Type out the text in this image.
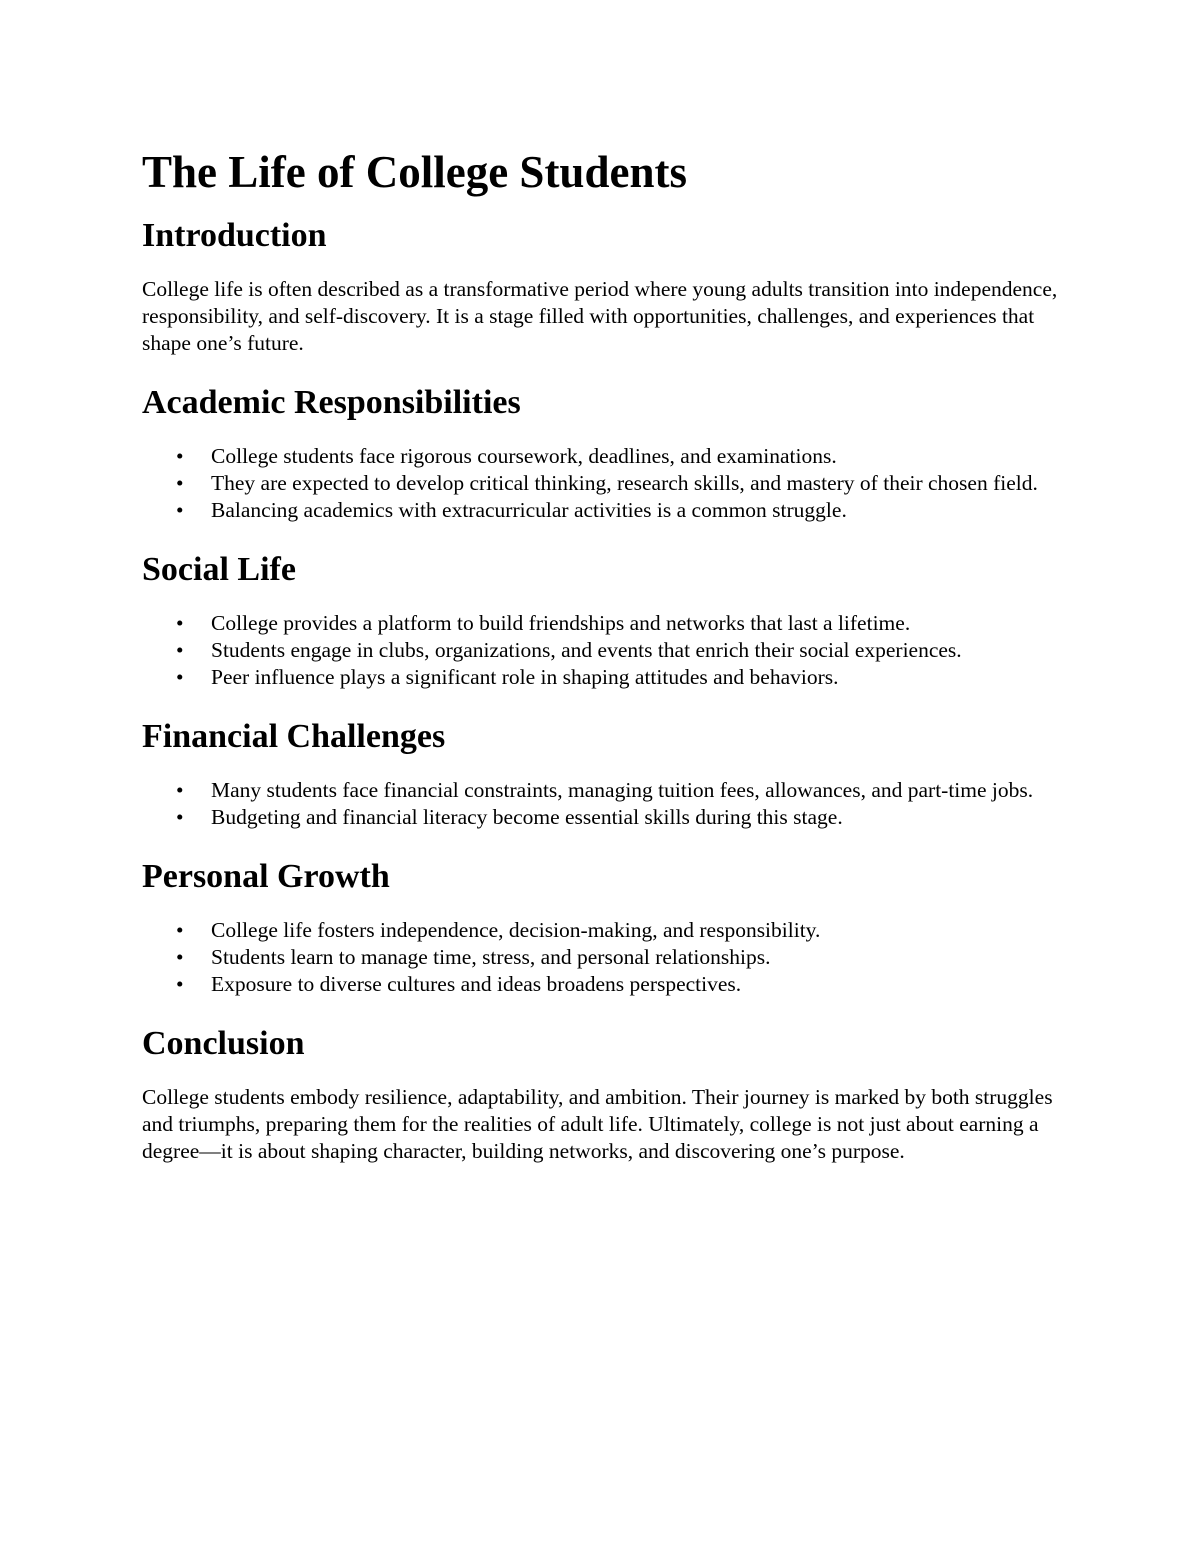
The Life of College Students
Introduction

College life is often described as a transformative period where young adults transition into independence, responsibility, and self-discovery. It is a stage filled with opportunities, challenges, and experiences that shape one’s future.

Academic Responsibilities
• College students face rigorous coursework, deadlines, and examinations.
• They are expected to develop critical thinking, research skills, and mastery of their chosen field.
• Balancing academics with extracurricular activities is a common struggle.
Social Life
• College provides a platform to build friendships and networks that last a lifetime.
• Students engage in clubs, organizations, and events that enrich their social experiences.
• Peer influence plays a significant role in shaping attitudes and behaviors.
Financial Challenges
• Many students face financial constraints, managing tuition fees, allowances, and part-time jobs.
• Budgeting and financial literacy become essential skills during this stage.
Personal Growth
• College life fosters independence, decision-making, and responsibility.
• Students learn to manage time, stress, and personal relationships.
• Exposure to diverse cultures and ideas broadens perspectives.
Conclusion

College students embody resilience, adaptability, and ambition. Their journey is marked by both struggles and triumphs, preparing them for the realities of adult life. Ultimately, college is not just about earning a degree—it is about shaping character, building networks, and discovering one’s purpose.
